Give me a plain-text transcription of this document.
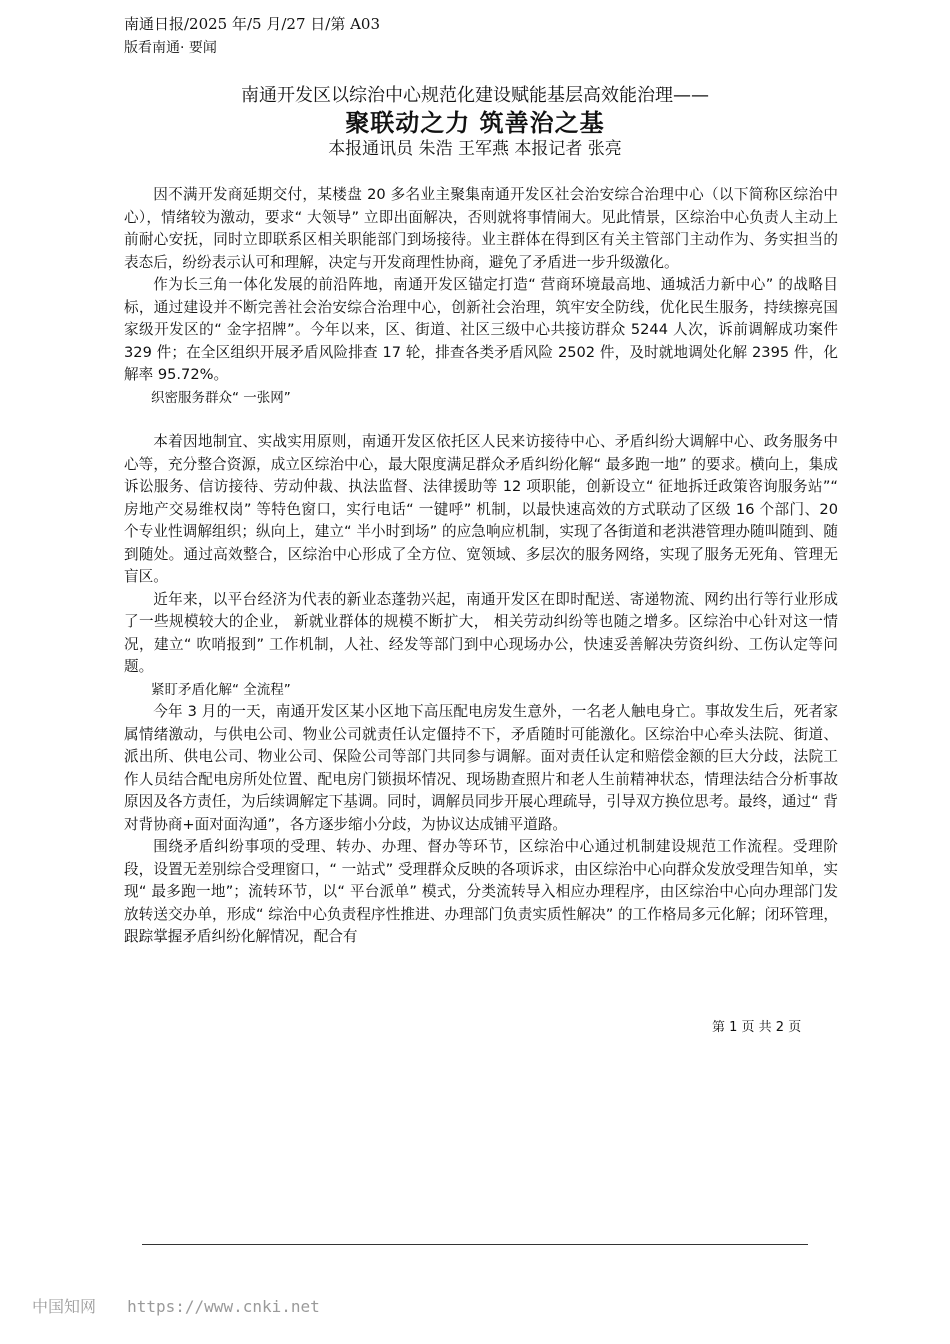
南通日报/2025 年/5 月/27 日/第 A03
版看南通· 要闻
南通开发区以综治中心规范化建设赋能基层高效能治理——
聚联动之力 筑善治之基
本报通讯员 朱浩 王军燕 本报记者 张亮

因不满开发商延期交付，某楼盘 20 多名业主聚集南通开发区社会治安综合治理中心（以下简称区综治中心），情绪较为激动，要求“ 大领导” 立即出面解决，否则就将事情闹大。见此情景，区综治中心负责人主动上前耐心安抚，同时立即联系区相关职能部门到场接待。业主群体在得到区有关主管部门主动作为、务实担当的表态后，纷纷表示认可和理解，决定与开发商理性协商，避免了矛盾进一步升级激化。

作为长三角一体化发展的前沿阵地，南通开发区锚定打造“ 营商环境最高地、通城活力新中心” 的战略目标，通过建设并不断完善社会治安综合治理中心，创新社会治理，筑牢安全防线，优化民生服务，持续擦亮国家级开发区的“ 金字招牌”。今年以来，区、街道、社区三级中心共接访群众 5244 人次，诉前调解成功案件 329 件；在全区组织开展矛盾风险排查 17 轮，排查各类矛盾风险 2502 件，及时就地调处化解 2395 件，化解率 95.72%。

织密服务群众“ 一张网”

本着因地制宜、实战实用原则，南通开发区依托区人民来访接待中心、矛盾纠纷大调解中心、政务服务中心等，充分整合资源，成立区综治中心，最大限度满足群众矛盾纠纷化解“ 最多跑一地” 的要求。横向上，集成诉讼服务、信访接待、劳动仲裁、执法监督、法律援助等 12 项职能，创新设立“ 征地拆迁政策咨询服务站”“ 房地产交易维权岗” 等特色窗口，实行电话“ 一键呼” 机制，以最快速高效的方式联动了区级 16 个部门、20 个专业性调解组织；纵向上，建立“ 半小时到场” 的应急响应机制，实现了各街道和老洪港管理办随叫随到、随到随处。通过高效整合，区综治中心形成了全方位、宽领域、多层次的服务网络，实现了服务无死角、管理无盲区。

近年来，以平台经济为代表的新业态蓬勃兴起，南通开发区在即时配送、寄递物流、网约出行等行业形成了一些规模较大的企业， 新就业群体的规模不断扩大， 相关劳动纠纷等也随之增多。区综治中心针对这一情况，建立“ 吹哨报到” 工作机制，人社、经发等部门到中心现场办公，快速妥善解决劳资纠纷、工伤认定等问题。

紧盯矛盾化解“ 全流程”

今年 3 月的一天，南通开发区某小区地下高压配电房发生意外，一名老人触电身亡。事故发生后，死者家属情绪激动，与供电公司、物业公司就责任认定僵持不下，矛盾随时可能激化。区综治中心牵头法院、街道、派出所、供电公司、物业公司、保险公司等部门共同参与调解。面对责任认定和赔偿金额的巨大分歧，法院工作人员结合配电房所处位置、配电房门锁损坏情况、现场勘查照片和老人生前精神状态，情理法结合分析事故原因及各方责任，为后续调解定下基调。同时，调解员同步开展心理疏导，引导双方换位思考。最终，通过“ 背对背协商+面对面沟通”，各方逐步缩小分歧，为协议达成铺平道路。

围绕矛盾纠纷事项的受理、转办、办理、督办等环节，区综治中心通过机制建设规范工作流程。受理阶段，设置无差别综合受理窗口，“ 一站式” 受理群众反映的各项诉求，由区综治中心向群众发放受理告知单，实现“ 最多跑一地”；流转环节，以“ 平台派单” 模式，分类流转导入相应办理程序，由区综治中心向办理部门发放转送交办单，形成“ 综治中心负责程序性推进、办理部门负责实质性解决” 的工作格局多元化解；闭环管理，跟踪掌握矛盾纠纷化解情况，配合有

第 1 页 共 2 页
中国知网 https://www.cnki.net
